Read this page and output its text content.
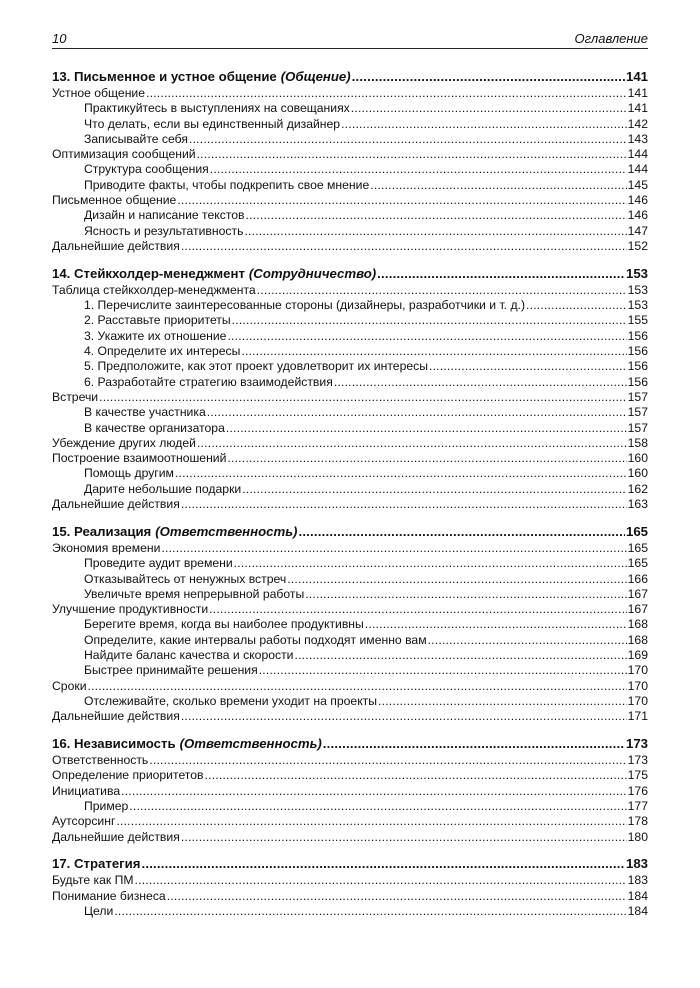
10	Оглавление
13. Письменное и устное общение (Общение) .....	141
Устное общение .....	141
Практикуйтесь в выступлениях на совещаниях .....	141
Что делать, если вы единственный дизайнер .....	142
Записывайте себя .....	143
Оптимизация сообщений .....	144
Структура сообщения .....	144
Приводите факты, чтобы подкрепить свое мнение .....	145
Письменное общение .....	146
Дизайн и написание текстов .....	146
Ясность и результативность .....	147
Дальнейшие действия .....	152
14. Стейкхолдер-менеджмент (Сотрудничество) .....	153
Таблица стейкхолдер-менеджмента .....	153
1. Перечислите заинтересованные стороны (дизайнеры, разработчики и т. д.) .....	153
2. Расставьте приоритеты .....	155
3. Укажите их отношение .....	156
4. Определите их интересы .....	156
5. Предположите, как этот проект удовлетворит их интересы .....	156
6. Разработайте стратегию взаимодействия .....	156
Встречи .....	157
В качестве участника .....	157
В качестве организатора .....	157
Убеждение других людей .....	158
Построение взаимоотношений .....	160
Помощь другим .....	160
Дарите небольшие подарки .....	162
Дальнейшие действия .....	163
15. Реализация (Ответственность) .....	165
Экономия времени .....	165
Проведите аудит времени .....	165
Отказывайтесь от ненужных встреч .....	166
Увеличьте время непрерывной работы .....	167
Улучшение продуктивности .....	167
Берегите время, когда вы наиболее продуктивны .....	168
Определите, какие интервалы работы подходят именно вам .....	168
Найдите баланс качества и скорости .....	169
Быстрее принимайте решения .....	170
Сроки .....	170
Отслеживайте, сколько времени уходит на проекты .....	170
Дальнейшие действия .....	171
16. Независимость (Ответственность) .....	173
Ответственность .....	173
Определение приоритетов .....	175
Инициатива .....	176
Пример .....	177
Аутсорсинг .....	178
Дальнейшие действия .....	180
17. Стратегия .....	183
Будьте как ПМ .....	183
Понимание бизнеса .....	184
Цели .....	184
